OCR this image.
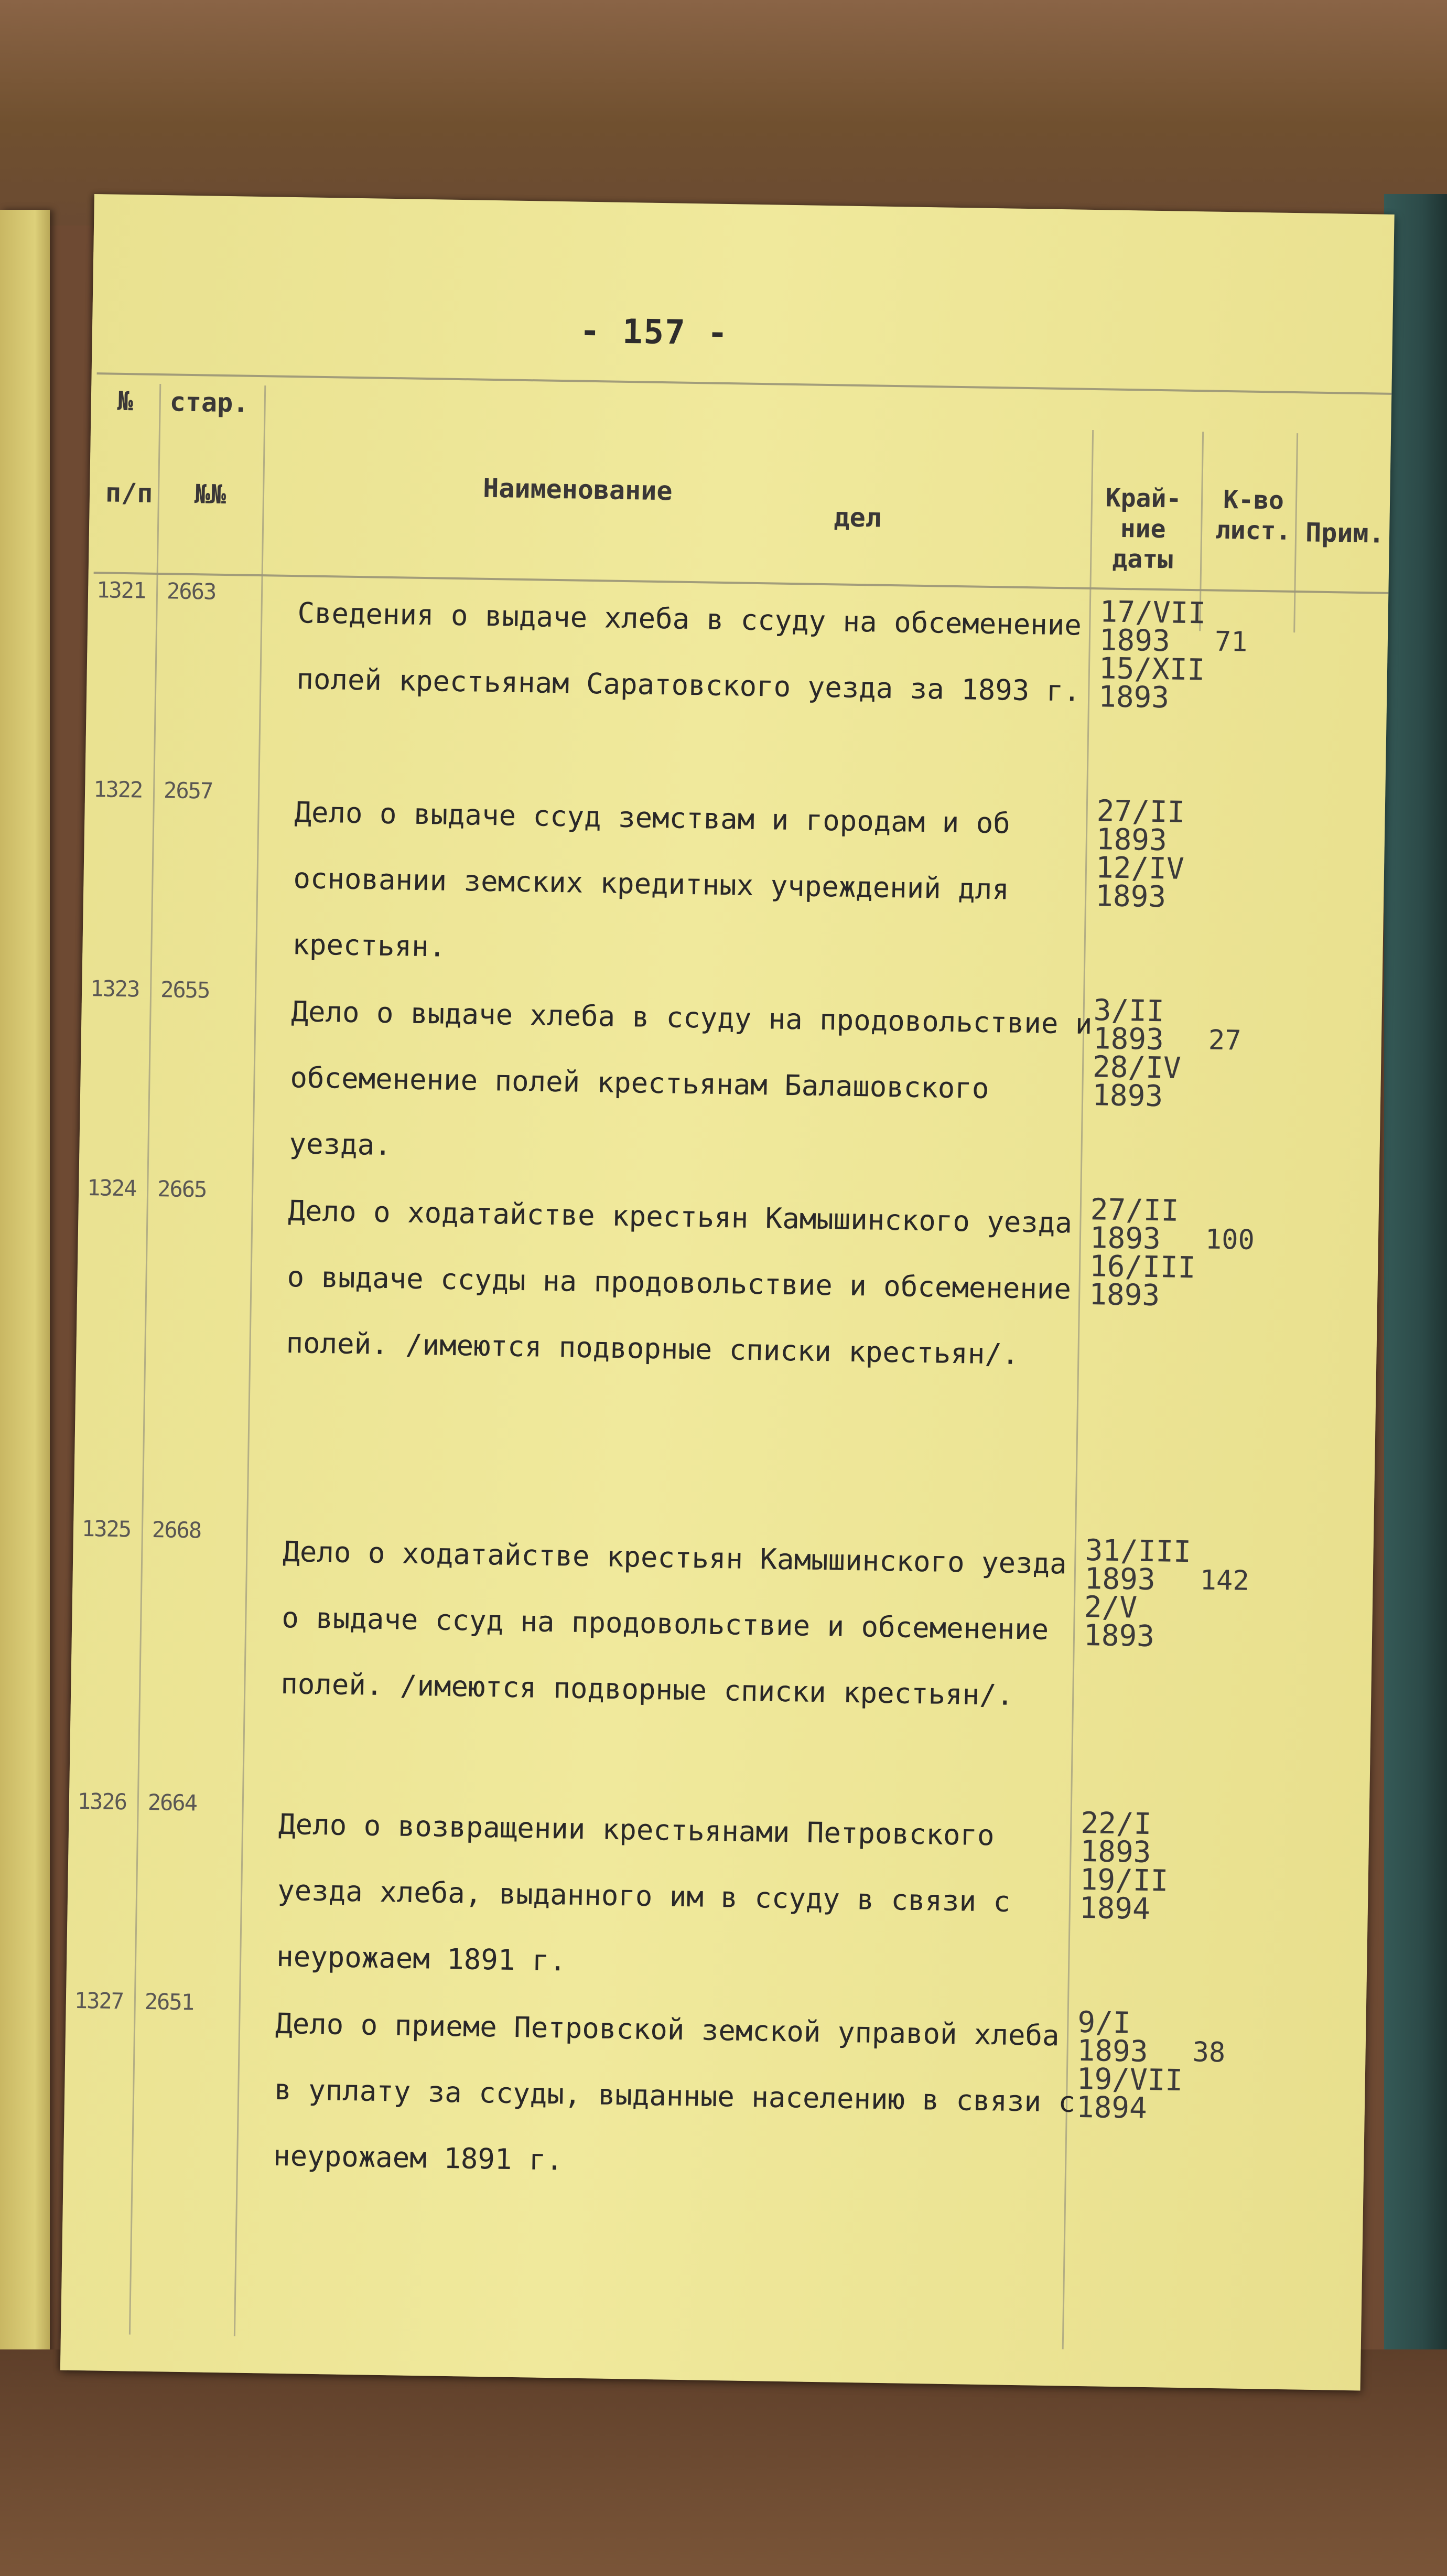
- 157 -
№ стар.
п/п №№	Наименование
дел
Край-
ние
даты
К-во
лист. Прим.
1321 2663
Сведения о выдаче хлеба в ссуду на обсеменение полей крестьянам Саратовского уезда за 1893 г.
17/VII
1893
15/XII
1893
71
1322 2657
Дело о выдаче ссуд земствам и городам и об основании земских кредитных учреждений для крестьян.
27/II
1893
12/IV
1893
1323 2655
Дело о выдаче хлеба в ссуду на продовольствие и обсеменение полей крестьянам Балашовского уезда.
3/II
1893
28/IV
1893
27
1324 2665
Дело о ходатайстве крестьян Камышинского уезда о выдаче ссуды на продовольствие и обсеменение полей. /имеются подворные списки крестьян/.
27/II
1893
16/III
1893
100
1325 2668
Дело о ходатайстве крестьян Камышинского уезда о выдаче ссуд на продовольствие и обсеменение полей. /имеются подворные списки крестьян/.
31/III
1893
2/V
1893
142
1326 2664
Дело о возвращении крестьянами Петровского уезда хлеба, выданного им в ссуду в связи с неурожаем 1891 г.
22/I
1893
19/II
1894
1327 2651
Дело о приеме Петровской земской управой хлеба в уплату за ссуды, выданные населению в связи с неурожаем 1891 г.
9/I
1893
19/VII
1894
38
